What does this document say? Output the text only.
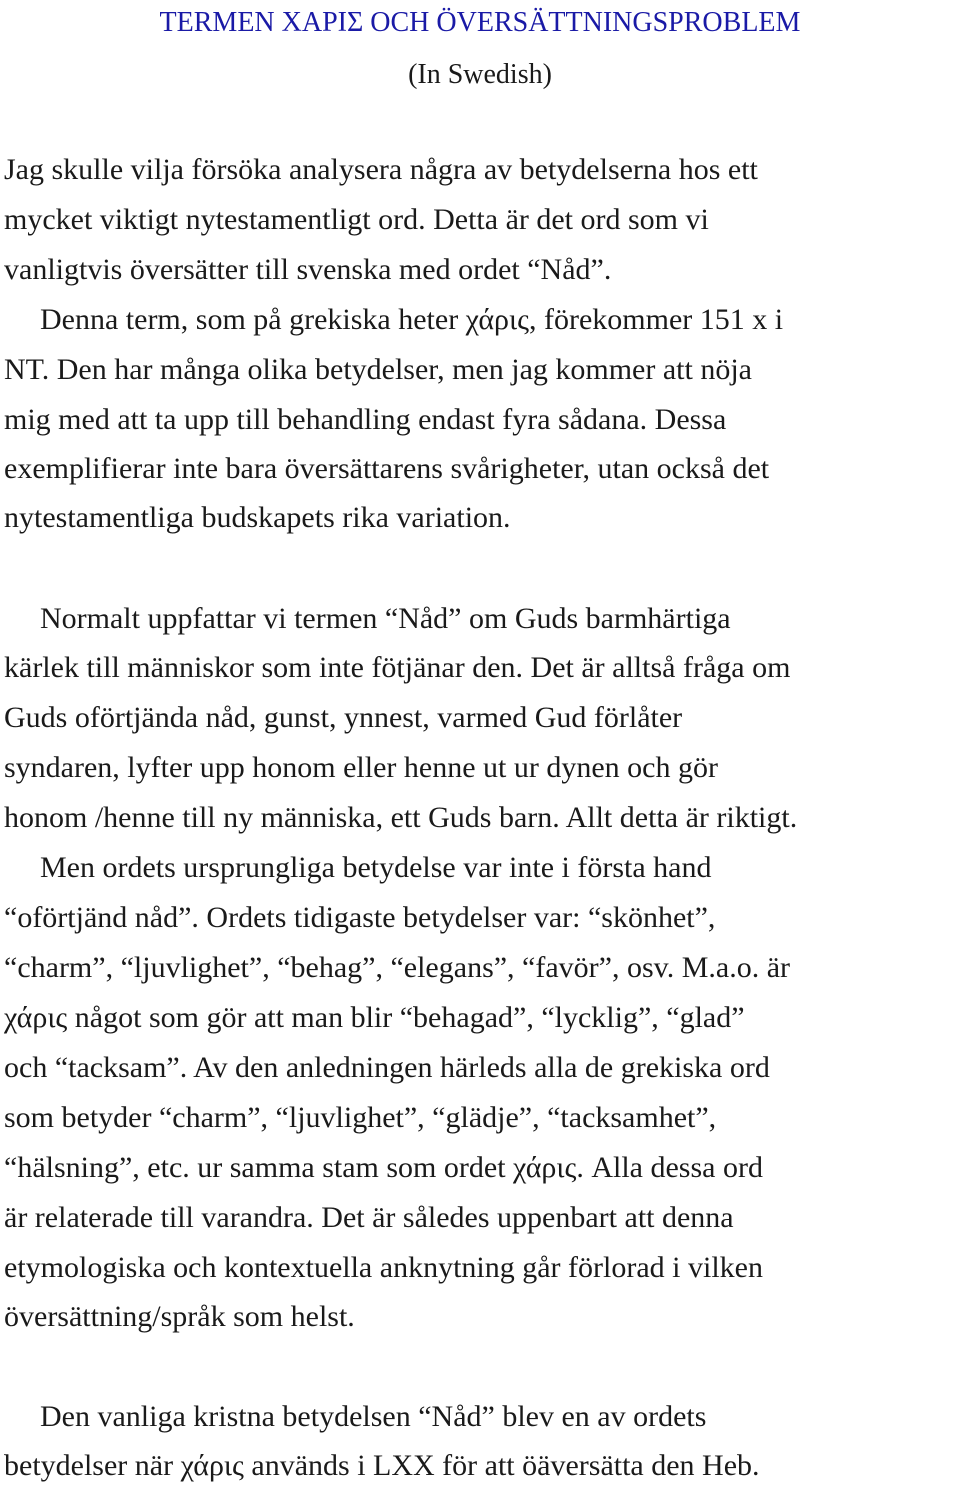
TERMEN ΧΑΡΙΣ OCH ÖVERSÄTTNINGSPROBLEM
(In Swedish)

Jag skulle vilja försöka analysera några av betydelserna hos ett

mycket viktigt nytestamentligt ord. Detta är det ord som vi

vanligtvis översätter till svenska med ordet “Nåd”.

Denna term, som på grekiska heter χάρις, förekommer 151 x i

NT. Den har många olika betydelser, men jag kommer att nöja

mig med att ta upp till behandling endast fyra sådana. Dessa

exemplifierar inte bara översättarens svårigheter, utan också det

nytestamentliga budskapets rika variation.

Normalt uppfattar vi termen “Nåd” om Guds barmhärtiga

kärlek till människor som inte fötjänar den. Det är alltså fråga om

Guds oförtjända nåd, gunst, ynnest, varmed Gud förlåter

syndaren, lyfter upp honom eller henne ut ur dynen och gör

honom /henne till ny människa, ett Guds barn. Allt detta är riktigt.

Men ordets ursprungliga betydelse var inte i första hand

“oförtjänd nåd”. Ordets tidigaste betydelser var: “skönhet”,

“charm”, “ljuvlighet”, “behag”, “elegans”, “favör”, osv. M.a.o. är

χάρις något som gör att man blir “behagad”, “lycklig”, “glad”

och “tacksam”. Av den anledningen härleds alla de grekiska ord

som betyder “charm”, “ljuvlighet”, “glädje”, “tacksamhet”,

“hälsning”, etc. ur samma stam som ordet χάρις. Alla dessa ord

är relaterade till varandra. Det är således uppenbart att denna

etymologiska och kontextuella anknytning går förlorad i vilken

översättning/språk som helst.

Den vanliga kristna betydelsen “Nåd” blev en av ordets

betydelser när χάρις används i LXX för att öäversätta den Heb.
